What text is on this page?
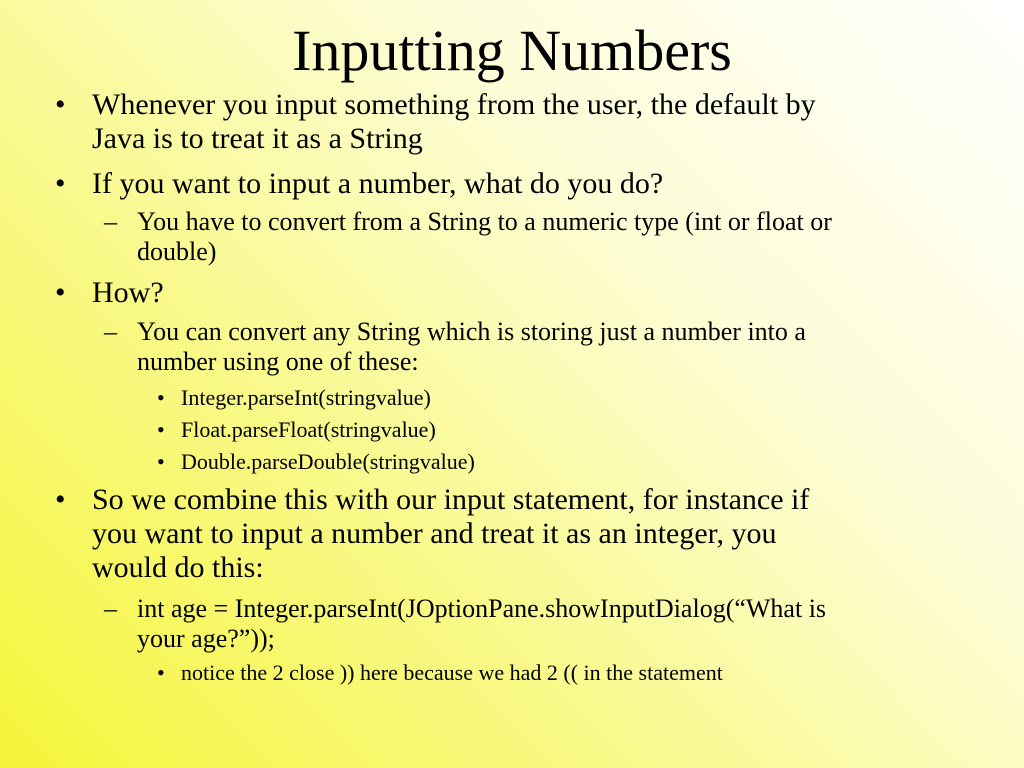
Inputting Numbers
• Whenever you input something from the user, the default by
Java is to treat it as a String
• If you want to input a number, what do you do?
– You have to convert from a String to a numeric type (int or float or
double)
• How?
– You can convert any String which is storing just a number into a
number using one of these:
• Integer.parseInt(stringvalue)
• Float.parseFloat(stringvalue)
• Double.parseDouble(stringvalue)
• So we combine this with our input statement, for instance if
you want to input a number and treat it as an integer, you
would do this:
– int age = Integer.parseInt(JOptionPane.showInputDialog(“What is
your age?”));
• notice the 2 close )) here because we had 2 (( in the statement
